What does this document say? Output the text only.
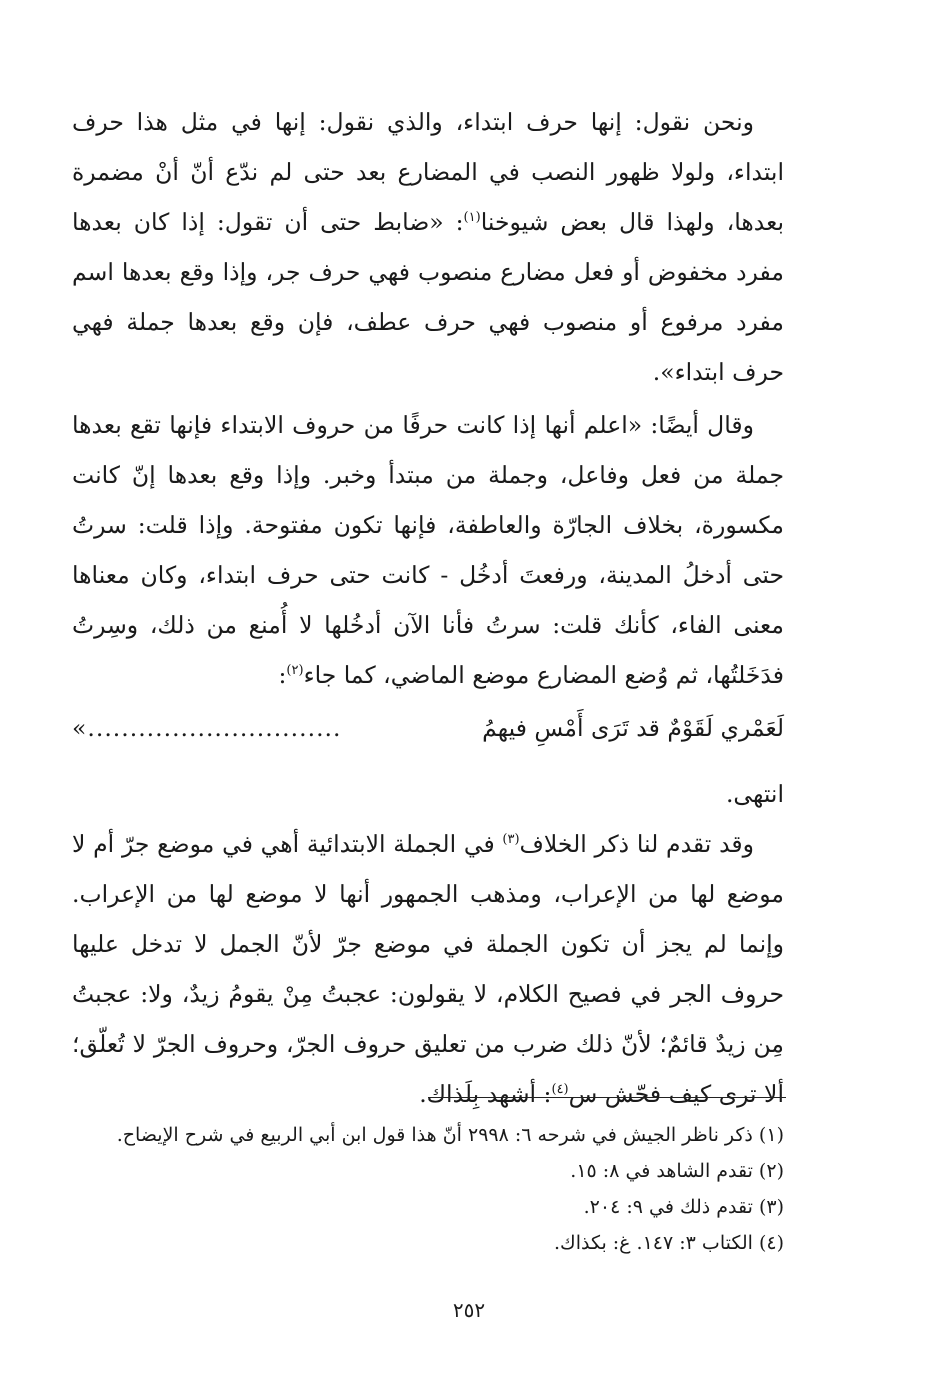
ونحن نقول: إنها حرف ابتداء، والذي نقول: إنها في مثل هذا حرف ابتداء، ولولا ظهور النصب في المضارع بعد حتى لم ندّع أنّ أنْ مضمرة بعدها، ولهذا قال بعض شيوخنا$^{(١)}$: «ضابط حتى أن تقول: إذا كان بعدها مفرد مخفوض أو فعل مضارع منصوب فهي حرف جر، وإذا وقع بعدها اسم مفرد مرفوع أو منصوب فهي حرف عطف، فإن وقع بعدها جملة فهي حرف ابتداء».

وقال أيضًا: «اعلم أنها إذا كانت حرفًا من حروف الابتداء فإنها تقع بعدها جملة من فعل وفاعل، وجملة من مبتدأ وخبر. وإذا وقع بعدها إنّ كانت مكسورة، بخلاف الجارّة والعاطفة، فإنها تكون مفتوحة. وإذا قلت: سرتُ حتى أدخلُ المدينة، ورفعتَ أدخُل - كانت حتى حرف ابتداء، وكان معناها معنى الفاء، كأنك قلت: سرتُ فأنا الآن أدخُلها لا أُمنع من ذلك، وسِرتُ فدَخَلتُها، ثم وُضع المضارع موضع الماضي، كما جاء$^{(٢)}$:

لَعَمْري لَقَوْمٌ قد تَرَى أَمْسِ فيهمُ
«..............................
انتهى.

وقد تقدم لنا ذكر الخلاف$^{(٣)}$ في الجملة الابتدائية أهي في موضع جرّ أم لا موضع لها من الإعراب، ومذهب الجمهور أنها لا موضع لها من الإعراب. وإنما لم يجز أن تكون الجملة في موضع جرّ لأنّ الجمل لا تدخل عليها حروف الجر في فصيح الكلام، لا يقولون: عجبتُ مِنْ يقومُ زيدٌ، ولا: عجبتُ مِن زيدٌ قائمٌ؛ لأنّ ذلك ضرب من تعليق حروف الجرّ، وحروف الجرّ لا تُعلّق؛ ألا ترى كيف فحّش س$^{(٤)}$: أشهد بِلَذاك.

(١) ذكر ناظر الجيش في شرحه ٦: ٢٩٩٨ أنّ هذا قول ابن أبي الربيع في شرح الإيضاح.

(٢) تقدم الشاهد في ٨: ١٥.

(٣) تقدم ذلك في ٩: ٢٠٤.

(٤) الكتاب ٣: ١٤٧. غ: بكذاك.

٢٥٢
